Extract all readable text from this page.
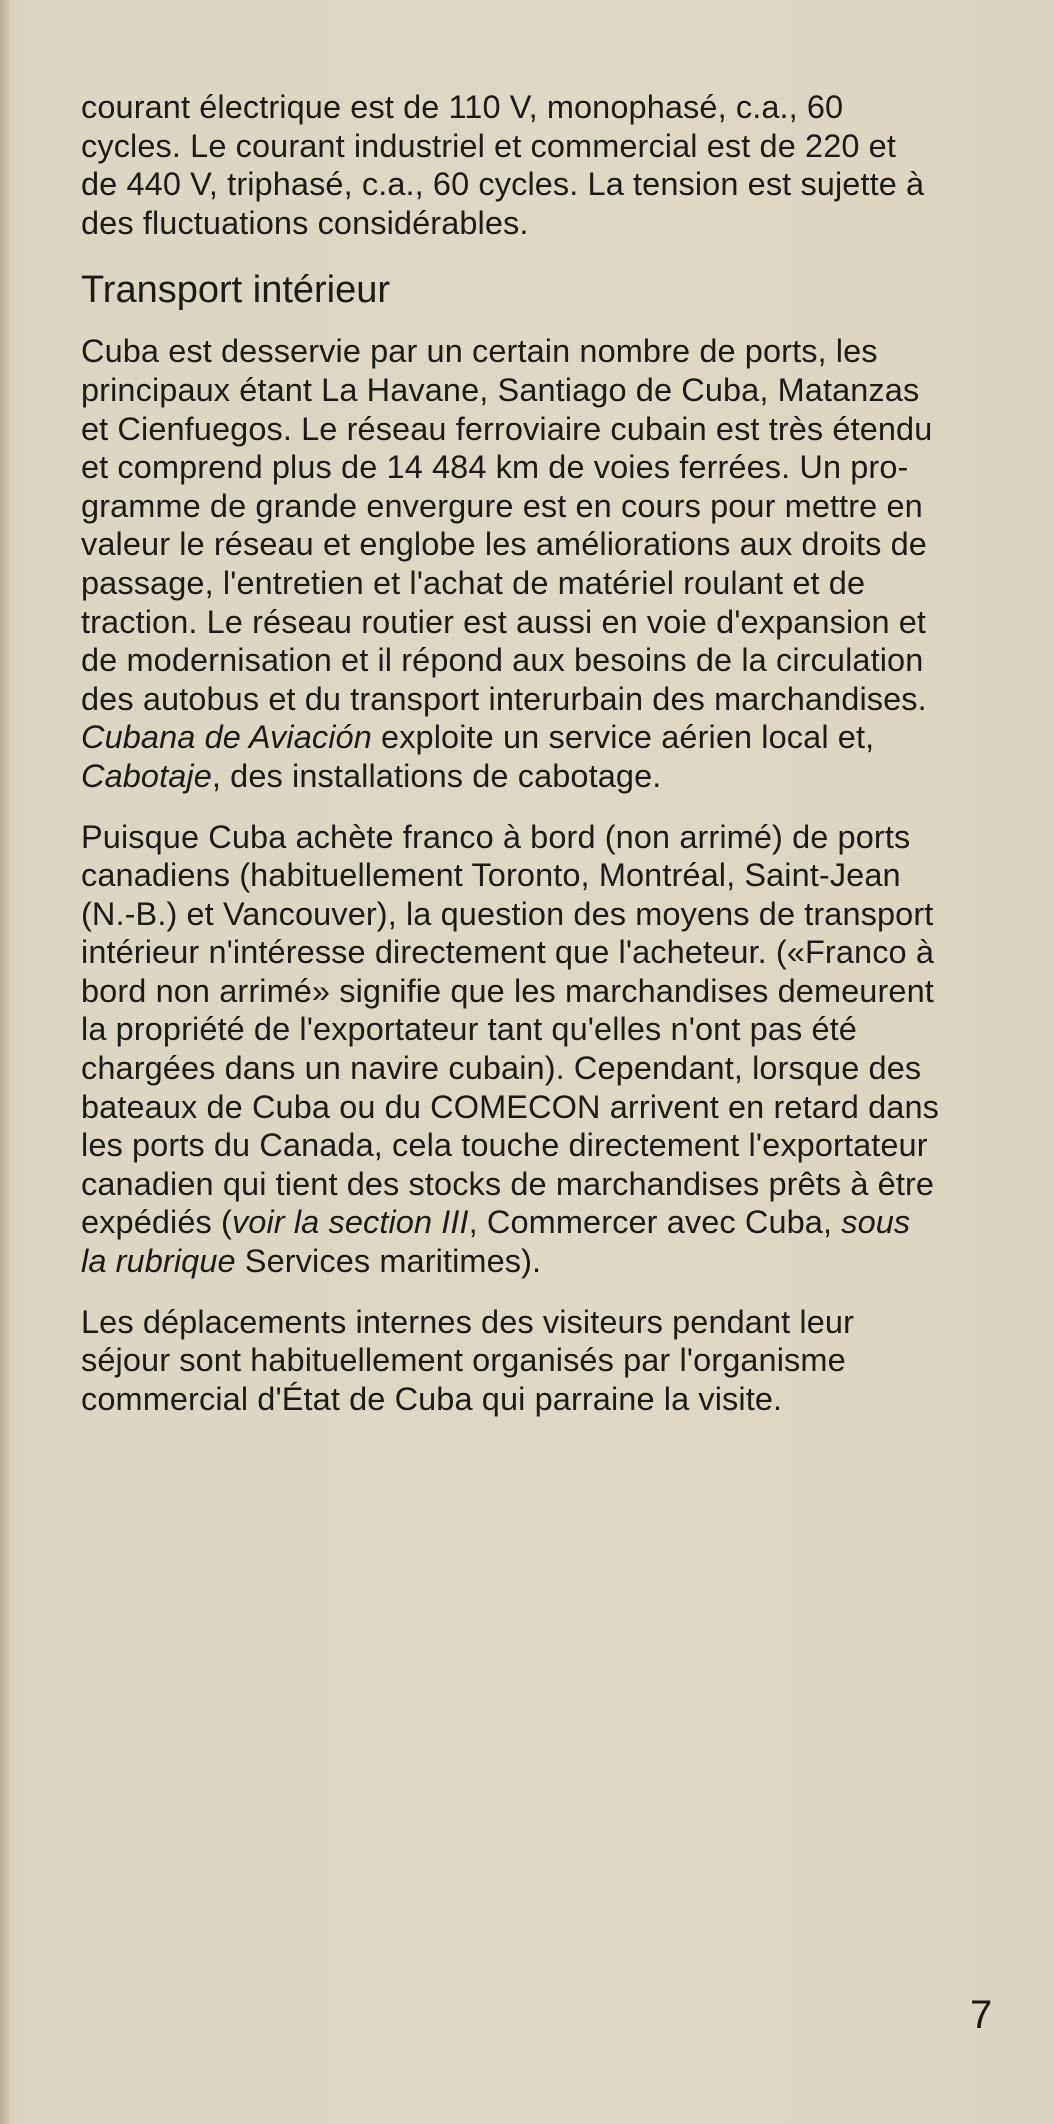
courant électrique est de 110 V, monophasé, c.a., 60
cycles. Le courant industriel et commercial est de 220 et
de 440 V, triphasé, c.a., 60 cycles. La tension est sujette à
des fluctuations considérables.

Transport intérieur

Cuba est desservie par un certain nombre de ports, les
principaux étant La Havane, Santiago de Cuba, Matanzas
et Cienfuegos. Le réseau ferroviaire cubain est très étendu
et comprend plus de 14 484 km de voies ferrées. Un pro-
gramme de grande envergure est en cours pour mettre en
valeur le réseau et englobe les améliorations aux droits de
passage, l'entretien et l'achat de matériel roulant et de
traction. Le réseau routier est aussi en voie d'expansion et
de modernisation et il répond aux besoins de la circulation
des autobus et du transport interurbain des marchandises.
Cubana de Aviación exploite un service aérien local et,
Cabotaje, des installations de cabotage.

Puisque Cuba achète franco à bord (non arrimé) de ports
canadiens (habituellement Toronto, Montréal, Saint-Jean
(N.-B.) et Vancouver), la question des moyens de transport
intérieur n'intéresse directement que l'acheteur. («Franco à
bord non arrimé» signifie que les marchandises demeurent
la propriété de l'exportateur tant qu'elles n'ont pas été
chargées dans un navire cubain). Cependant, lorsque des
bateaux de Cuba ou du COMECON arrivent en retard dans
les ports du Canada, cela touche directement l'exportateur
canadien qui tient des stocks de marchandises prêts à être
expédiés (voir la section III, Commercer avec Cuba, sous
la rubrique Services maritimes).

Les déplacements internes des visiteurs pendant leur
séjour sont habituellement organisés par l'organisme
commercial d'État de Cuba qui parraine la visite.

7
